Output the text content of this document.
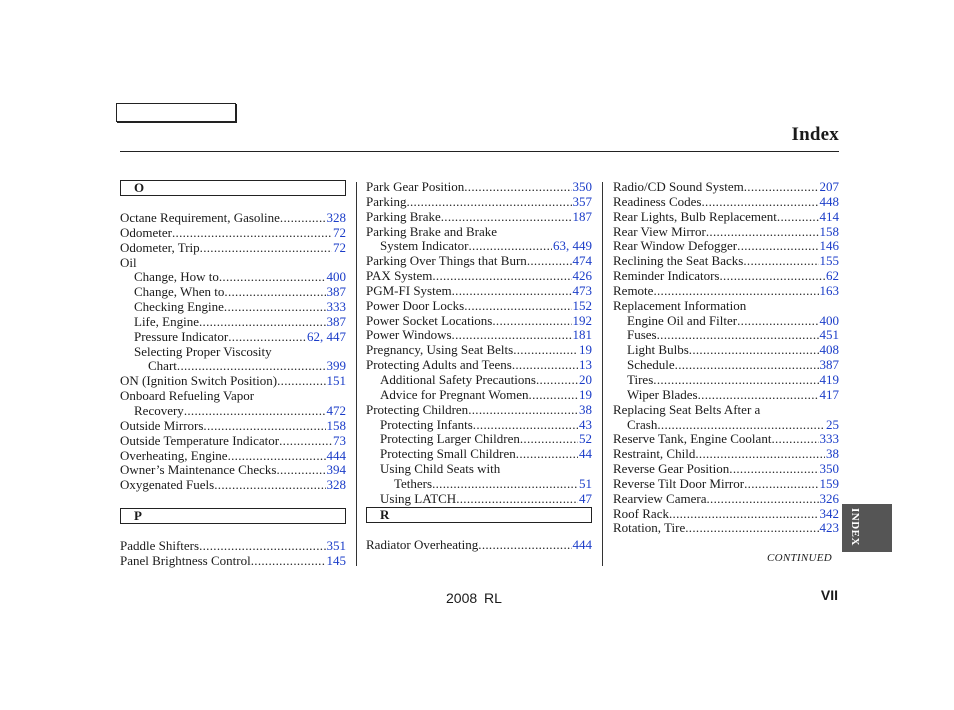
Index
O
Octane Requirement, Gasoline .....	328
Odometer .....	72
Odometer, Trip .....	72
Oil
Change, How to .....	400
Change, When to .....	387
Checking Engine .....	333
Life, Engine .....	387
Pressure Indicator .....	62, 447
Selecting Proper Viscosity
Chart .....	399
ON (Ignition Switch Position) .....	151
Onboard Refueling Vapor
Recovery .....	472
Outside Mirrors .....	158
Outside Temperature Indicator .....	73
Overheating, Engine .....	444
Owner’s Maintenance Checks .....	394
Oxygenated Fuels .....	328
P
Paddle Shifters .....	351
Panel Brightness Control .....	145
Park Gear Position .....	350
Parking .....	357
Parking Brake .....	187
Parking Brake and Brake
System Indicator .....	63, 449
Parking Over Things that Burn .....	474
PAX System .....	426
PGM-FI System .....	473
Power Door Locks .....	152
Power Socket Locations .....	192
Power Windows .....	181
Pregnancy, Using Seat Belts .....	19
Protecting Adults and Teens .....	13
Additional Safety Precautions .....	20
Advice for Pregnant Women .....	19
Protecting Children .....	38
Protecting Infants .....	43
Protecting Larger Children .....	52
Protecting Small Children .....	44
Using Child Seats with
Tethers .....	51
Using LATCH .....	47
R
Radiator Overheating .....	444
Radio/CD Sound System .....	207
Readiness Codes .....	448
Rear Lights, Bulb Replacement .....	414
Rear View Mirror .....	158
Rear Window Defogger .....	146
Reclining the Seat Backs .....	155
Reminder Indicators .....	62
Remote .....	163
Replacement Information
Engine Oil and Filter .....	400
Fuses .....	451
Light Bulbs .....	408
Schedule .....	387
Tires .....	419
Wiper Blades .....	417
Replacing Seat Belts After a
Crash .....	25
Reserve Tank, Engine Coolant .....	333
Restraint, Child .....	38
Reverse Gear Position .....	350
Reverse Tilt Door Mirror .....	159
Rearview Camera .....	326
Roof Rack .....	342
Rotation, Tire .....	423
CONTINUED
INDEX
2008 RL	VII
